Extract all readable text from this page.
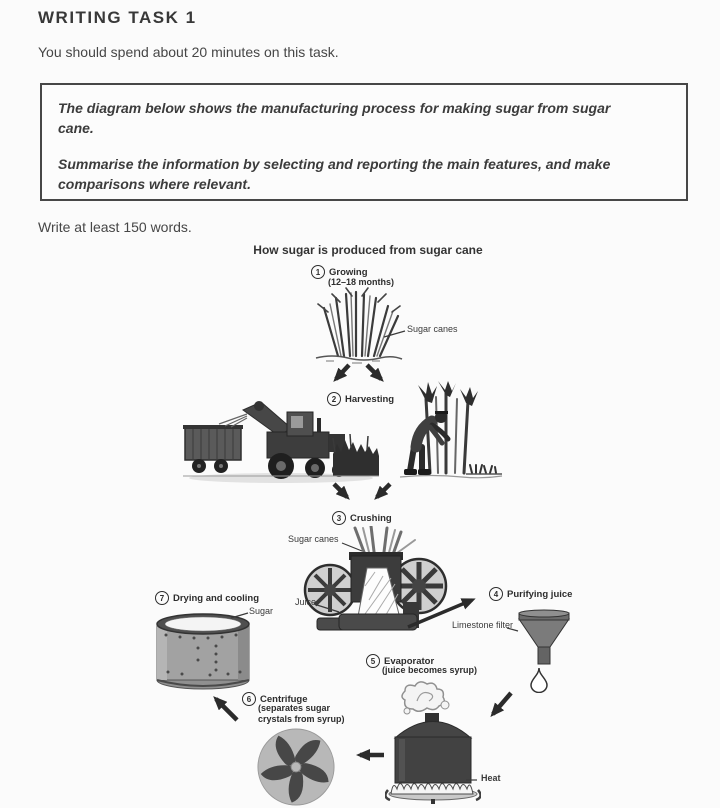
WRITING TASK 1
You should spend about 20 minutes on this task.

The diagram below shows the manufacturing process for making sugar from sugar cane.

Summarise the information by selecting and reporting the main features, and make comparisons where relevant.

Write at least 150 words.
How sugar is produced from sugar cane
1 Growing
(12–18 months)
Sugar canes
2 Harvesting
3 Crushing
Sugar canes
Juice
4 Purifying juice
Limestone filter
5 Evaporator
(juice becomes syrup)
Heat
6 Centrifuge
(separates sugar crystals from syrup)
7 Drying and cooling
Sugar
